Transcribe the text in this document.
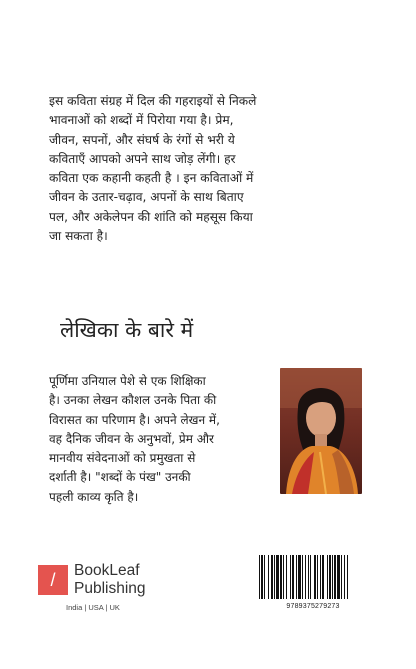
इस कविता संग्रह में दिल की गहराइयों से निकले
भावनाओं को शब्दों में पिरोया गया है। प्रेम,
जीवन, सपनों, और संघर्ष के रंगों से भरी ये
कविताएँ आपको अपने साथ जोड़ लेंगी। हर
कविता एक कहानी कहती है । इन कविताओं में
जीवन के उतार-चढ़ाव, अपनों के साथ बिताए
पल, और अकेलेपन की शांति को महसूस किया
जा सकता है।
लेखिका के बारे में
पूर्णिमा उनियाल पेशे से एक शिक्षिका
है। उनका लेखन कौशल उनके पिता की
विरासत का परिणाम है। अपने लेखन में,
वह दैनिक जीवन के अनुभवों, प्रेम और
मानवीय संवेदनाओं को प्रमुखता से
दर्शाती है। "शब्दों के पंख" उनकी
पहली काव्य कृति है।
/ BookLeaf
Publishing
India | USA | UK	9789375279273
